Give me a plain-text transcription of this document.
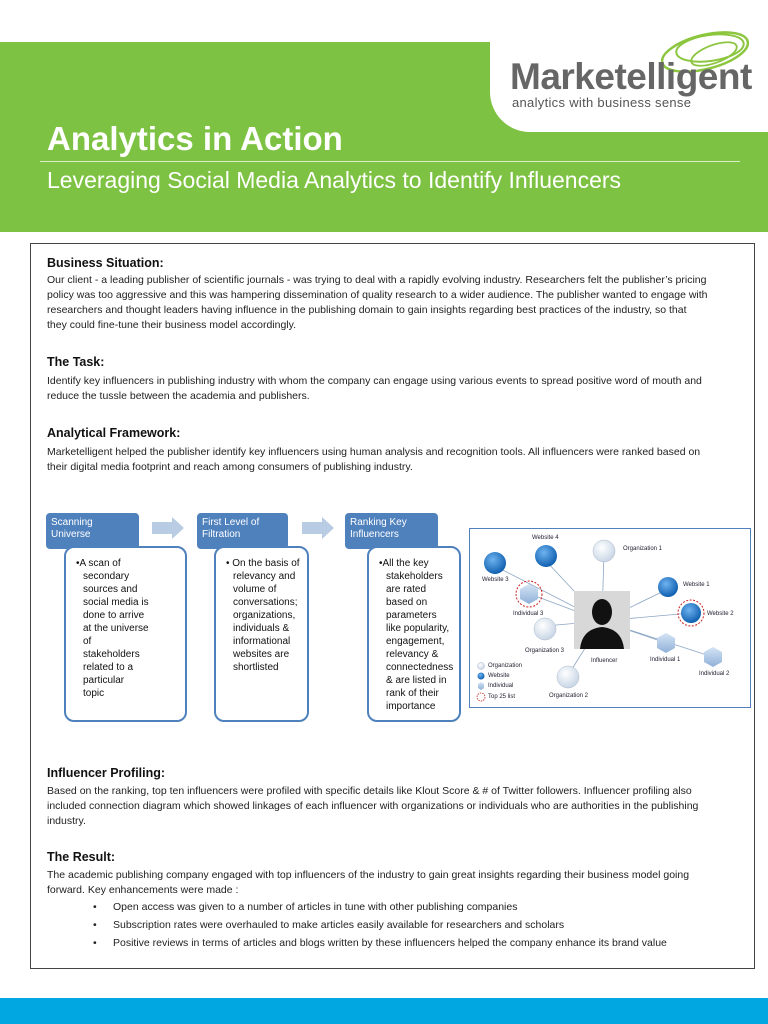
Marketelligent
analytics with business sense
Analytics in Action
Leveraging Social Media Analytics to Identify Influencers
Business Situation:
Our client - a leading publisher of scientific journals - was trying to deal with a rapidly evolving industry. Researchers felt the publisher’s pricing
policy was too aggressive and this was hampering dissemination of quality research to a wider audience. The publisher wanted to engage with
researchers and thought leaders having influence in the publishing domain to gain insights regarding best practices of the industry, so that
they could fine-tune their business model accordingly.
The Task:
Identify key influencers in publishing industry with whom the company can engage using various events to spread positive word of mouth and
reduce the tussle between the academia and publishers.
Analytical Framework:
Marketelligent helped the publisher identify key influencers using human analysis and recognition tools. All influencers were ranked based on
their digital media footprint and reach among consumers of publishing industry.
Scanning
Universe
•A scan of
secondary
sources and
social media is
done to arrive
at the universe
of
stakeholders
related to a
particular
topic
First Level of
Filtration
• On the basis of
relevancy and
volume of
conversations;
organizations,
individuals &
informational
websites are
shortlisted
Ranking Key
Influencers
•All the key
stakeholders
are rated
based on
parameters
like popularity,
engagement,
relevancy &
connectedness
& are listed in
rank of their
importance
Website 4
Organization 1
Website 3
Individual 3
Website 1
Website 2
Organization 3
Individual 1
Individual 2
Organization 2
Influencer
Organization
Website
Individual
Top 25 list
Influencer Profiling:
Based on the ranking, top ten influencers were profiled with specific details like Klout Score & # of Twitter followers. Influencer profiling also
included connection diagram which showed linkages of each influencer with organizations or individuals who are authorities in the publishing
industry.
The Result:
The academic publishing company engaged with top influencers of the industry to gain great insights regarding their business model going
forward. Key enhancements were made :
• Open access was given to a number of articles in tune with other publishing companies
• Subscription rates were overhauled to make articles easily available for researchers and scholars
• Positive reviews in terms of articles and blogs written by these influencers helped the company enhance its brand value
